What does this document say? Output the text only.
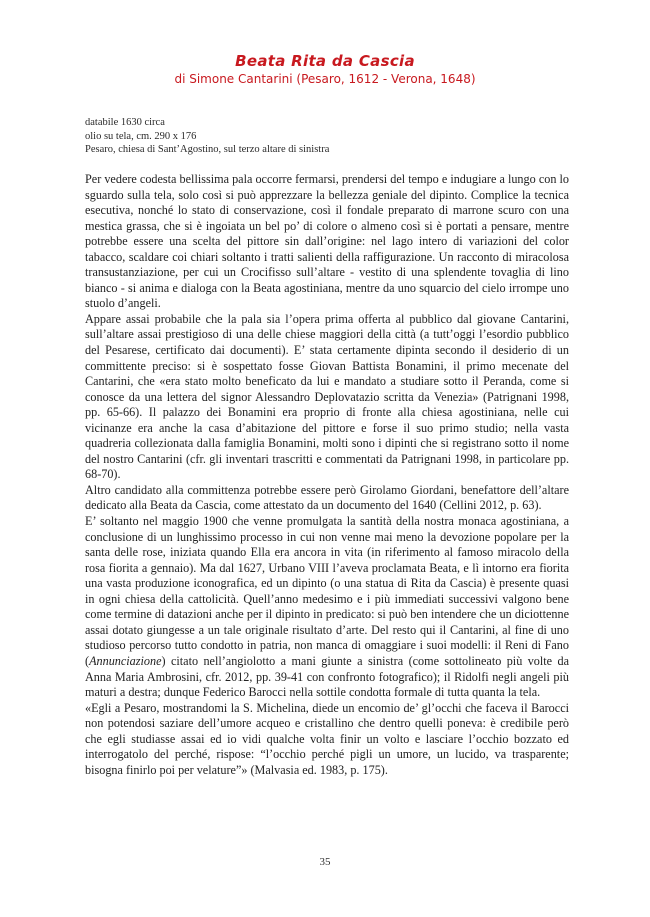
Beata Rita da Cascia
di Simone Cantarini (Pesaro, 1612 - Verona, 1648)
databile 1630 circa
olio su tela, cm. 290 x 176
Pesaro, chiesa di Sant’Agostino, sul terzo altare di sinistra

Per vedere codesta bellissima pala occorre fermarsi, prendersi del tempo e indugiare a lungo con lo sguardo sulla tela, solo così si può apprezzare la bellezza geniale del dipinto. Complice la tecnica esecutiva, nonché lo stato di conservazione, così il fondale preparato di marrone scuro con una mestica grassa, che si è ingoiata un bel po’ di colore o almeno così si è portati a pensare, mentre potrebbe essere una scelta del pittore sin dall’origine: nel lago intero di variazioni del color tabacco, scaldare coi chiari soltanto i tratti salienti della raffigurazione. Un racconto di miracolosa transustanziazione, per cui un Crocifisso sull’altare - vestito di una splendente tovaglia di lino bianco - si anima e dialoga con la Beata agostiniana, mentre da uno squarcio del cielo irrompe uno stuolo d’angeli.

Appare assai probabile che la pala sia l’opera prima offerta al pubblico dal giovane Cantarini, sull’altare assai prestigioso di una delle chiese maggiori della città (a tutt’oggi l’esordio pubblico del Pesarese, certificato dai documenti). E’ stata certamente dipinta secondo il desiderio di un committente preciso: si è sospettato fosse Giovan Battista Bonamini, il primo mecenate del Cantarini, che «era stato molto beneficato da lui e mandato a studiare sotto il Peranda, come si conosce da una lettera del signor Alessandro Deplovatazio scritta da Venezia» (Patrignani 1998, pp. 65-66). Il palazzo dei Bonamini era proprio di fronte alla chiesa agostiniana, nelle cui vicinanze era anche la casa d’abitazione del pittore e forse il suo primo studio; nella vasta quadreria collezionata dalla famiglia Bonamini, molti sono i dipinti che si registrano sotto il nome del nostro Cantarini (cfr. gli inventari trascritti e commentati da Patrignani 1998, in particolare pp. 68-70).

Altro candidato alla committenza potrebbe essere però Girolamo Giordani, benefattore dell’altare dedicato alla Beata da Cascia, come attestato da un documento del 1640 (Cellini 2012, p. 63).

E’ soltanto nel maggio 1900 che venne promulgata la santità della nostra monaca agostiniana, a conclusione di un lunghissimo processo in cui non venne mai meno la devozione popolare per la santa delle rose, iniziata quando Ella era ancora in vita (in riferimento al famoso miracolo della rosa fiorita a gennaio). Ma dal 1627, Urbano VIII l’aveva proclamata Beata, e lì intorno era fiorita una vasta produzione iconografica, ed un dipinto (o una statua di Rita da Cascia) è presente quasi in ogni chiesa della cattolicità. Quell’anno medesimo e i più immediati successivi valgono bene come termine di datazioni anche per il dipinto in predicato: si può ben intendere che un diciottenne assai dotato giungesse a un tale originale risultato d’arte. Del resto qui il Cantarini, al fine di uno studioso percorso tutto condotto in patria, non manca di omaggiare i suoi modelli: il Reni di Fano (Annunciazione) citato nell’angiolotto a mani giunte a sinistra (come sottolineato più volte da Anna Maria Ambrosini, cfr. 2012, pp. 39-41 con confronto fotografico); il Ridolfi negli angeli più maturi a destra; dunque Federico Barocci nella sottile condotta formale di tutta quanta la tela.

«Egli a Pesaro, mostrandomi la S. Michelina, diede un encomio de’ gl’occhi che faceva il Barocci non potendosi saziare dell’umore acqueo e cristallino che dentro quelli poneva: è credibile però che egli studiasse assai ed io vidi qualche volta finir un volto e lasciare l’occhio bozzato ed interrogatolo del perché, rispose: “l’occhio perché pigli un umore, un lucido, va trasparente; bisogna finirlo poi per velature”» (Malvasia ed. 1983, p. 175).

35
